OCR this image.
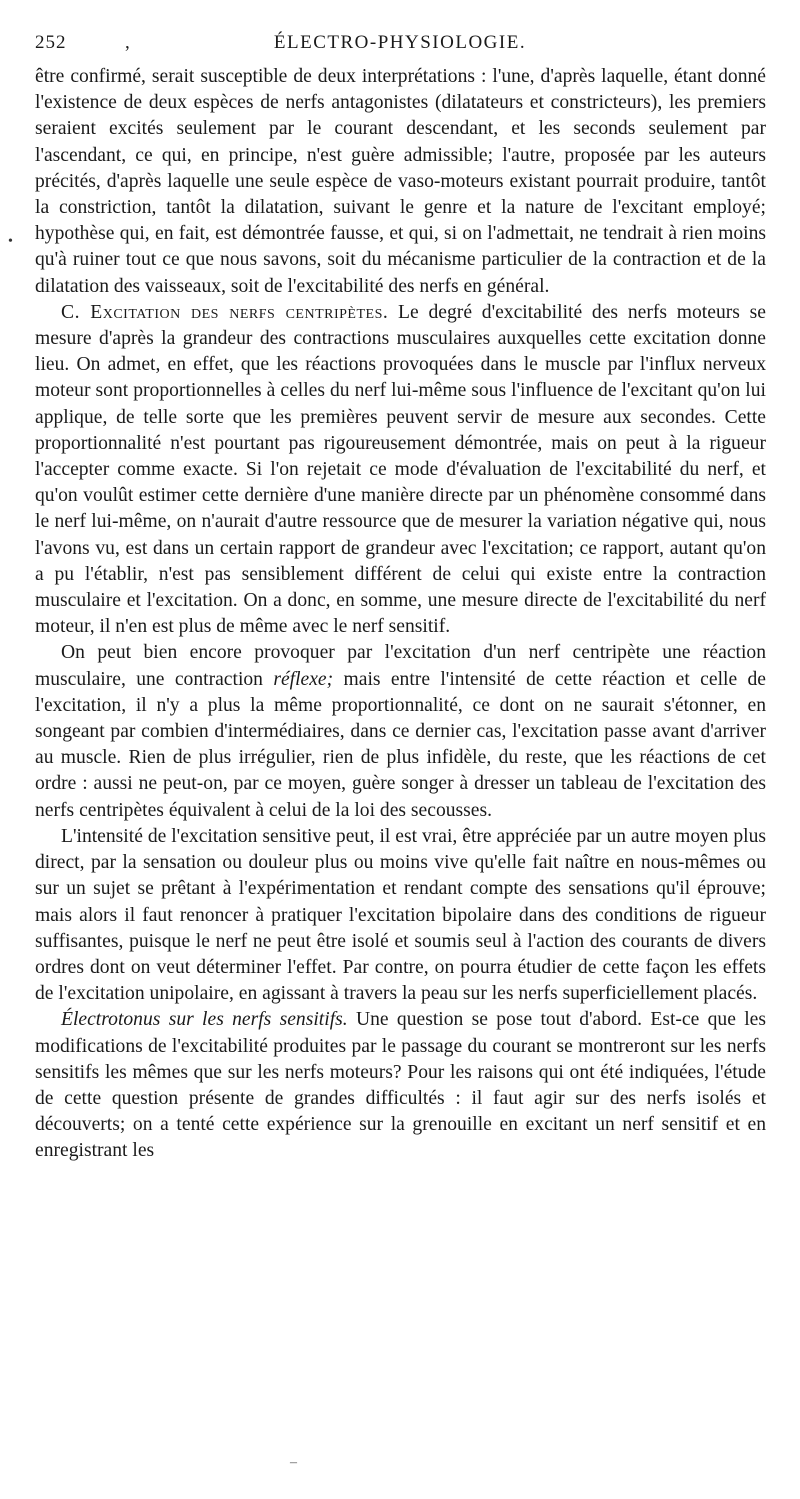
252	,	ÉLECTRO-PHYSIOLOGIE.
•

être confirmé, serait susceptible de deux interprétations : l'une, d'après laquelle, étant donné l'existence de deux espèces de nerfs antagonistes (dilatateurs et constricteurs), les premiers seraient excités seulement par le courant descendant, et les seconds seulement par l'ascendant, ce qui, en principe, n'est guère admissible; l'autre, proposée par les auteurs précités, d'après laquelle une seule espèce de vaso-moteurs existant pourrait produire, tantôt la constriction, tantôt la dilatation, suivant le genre et la nature de l'excitant employé; hypothèse qui, en fait, est démontrée fausse, et qui, si on l'admettait, ne tendrait à rien moins qu'à ruiner tout ce que nous savons, soit du mécanisme particulier de la contraction et de la dilatation des vaisseaux, soit de l'excitabilité des nerfs en général.

C. Excitation des nerfs centripètes. Le degré d'excitabilité des nerfs moteurs se mesure d'après la grandeur des contractions musculaires auxquelles cette excitation donne lieu. On admet, en effet, que les réactions provoquées dans le muscle par l'influx nerveux moteur sont proportionnelles à celles du nerf lui-même sous l'influence de l'excitant qu'on lui applique, de telle sorte que les premières peuvent servir de mesure aux secondes. Cette proportionnalité n'est pourtant pas rigoureusement démontrée, mais on peut à la rigueur l'accepter comme exacte. Si l'on rejetait ce mode d'évaluation de l'excitabilité du nerf, et qu'on voulût estimer cette dernière d'une manière directe par un phénomène consommé dans le nerf lui-même, on n'aurait d'autre ressource que de mesurer la variation négative qui, nous l'avons vu, est dans un certain rapport de grandeur avec l'excitation; ce rapport, autant qu'on a pu l'établir, n'est pas sensiblement différent de celui qui existe entre la contraction musculaire et l'excitation. On a donc, en somme, une mesure directe de l'excitabilité du nerf moteur, il n'en est plus de même avec le nerf sensitif.

On peut bien encore provoquer par l'excitation d'un nerf centripète une réaction musculaire, une contraction réflexe; mais entre l'intensité de cette réaction et celle de l'excitation, il n'y a plus la même proportionnalité, ce dont on ne saurait s'étonner, en songeant par combien d'intermédiaires, dans ce dernier cas, l'excitation passe avant d'arriver au muscle. Rien de plus irrégulier, rien de plus infidèle, du reste, que les réactions de cet ordre : aussi ne peut-on, par ce moyen, guère songer à dresser un tableau de l'excitation des nerfs centripètes équivalent à celui de la loi des secousses.

L'intensité de l'excitation sensitive peut, il est vrai, être appréciée par un autre moyen plus direct, par la sensation ou douleur plus ou moins vive qu'elle fait naître en nous-mêmes ou sur un sujet se prêtant à l'expérimentation et rendant compte des sensations qu'il éprouve; mais alors il faut renoncer à pratiquer l'excitation bipolaire dans des conditions de rigueur suffisantes, puisque le nerf ne peut être isolé et soumis seul à l'action des courants de divers ordres dont on veut déterminer l'effet. Par contre, on pourra étudier de cette façon les effets de l'excitation unipolaire, en agissant à travers la peau sur les nerfs superficiellement placés.

Électrotonus sur les nerfs sensitifs. Une question se pose tout d'abord. Est-ce que les modifications de l'excitabilité produites par le passage du courant se montreront sur les nerfs sensitifs les mêmes que sur les nerfs moteurs? Pour les raisons qui ont été indiquées, l'étude de cette question présente de grandes difficultés : il faut agir sur des nerfs isolés et découverts; on a tenté cette expérience sur la grenouille en excitant un nerf sensitif et en enregistrant les

–
